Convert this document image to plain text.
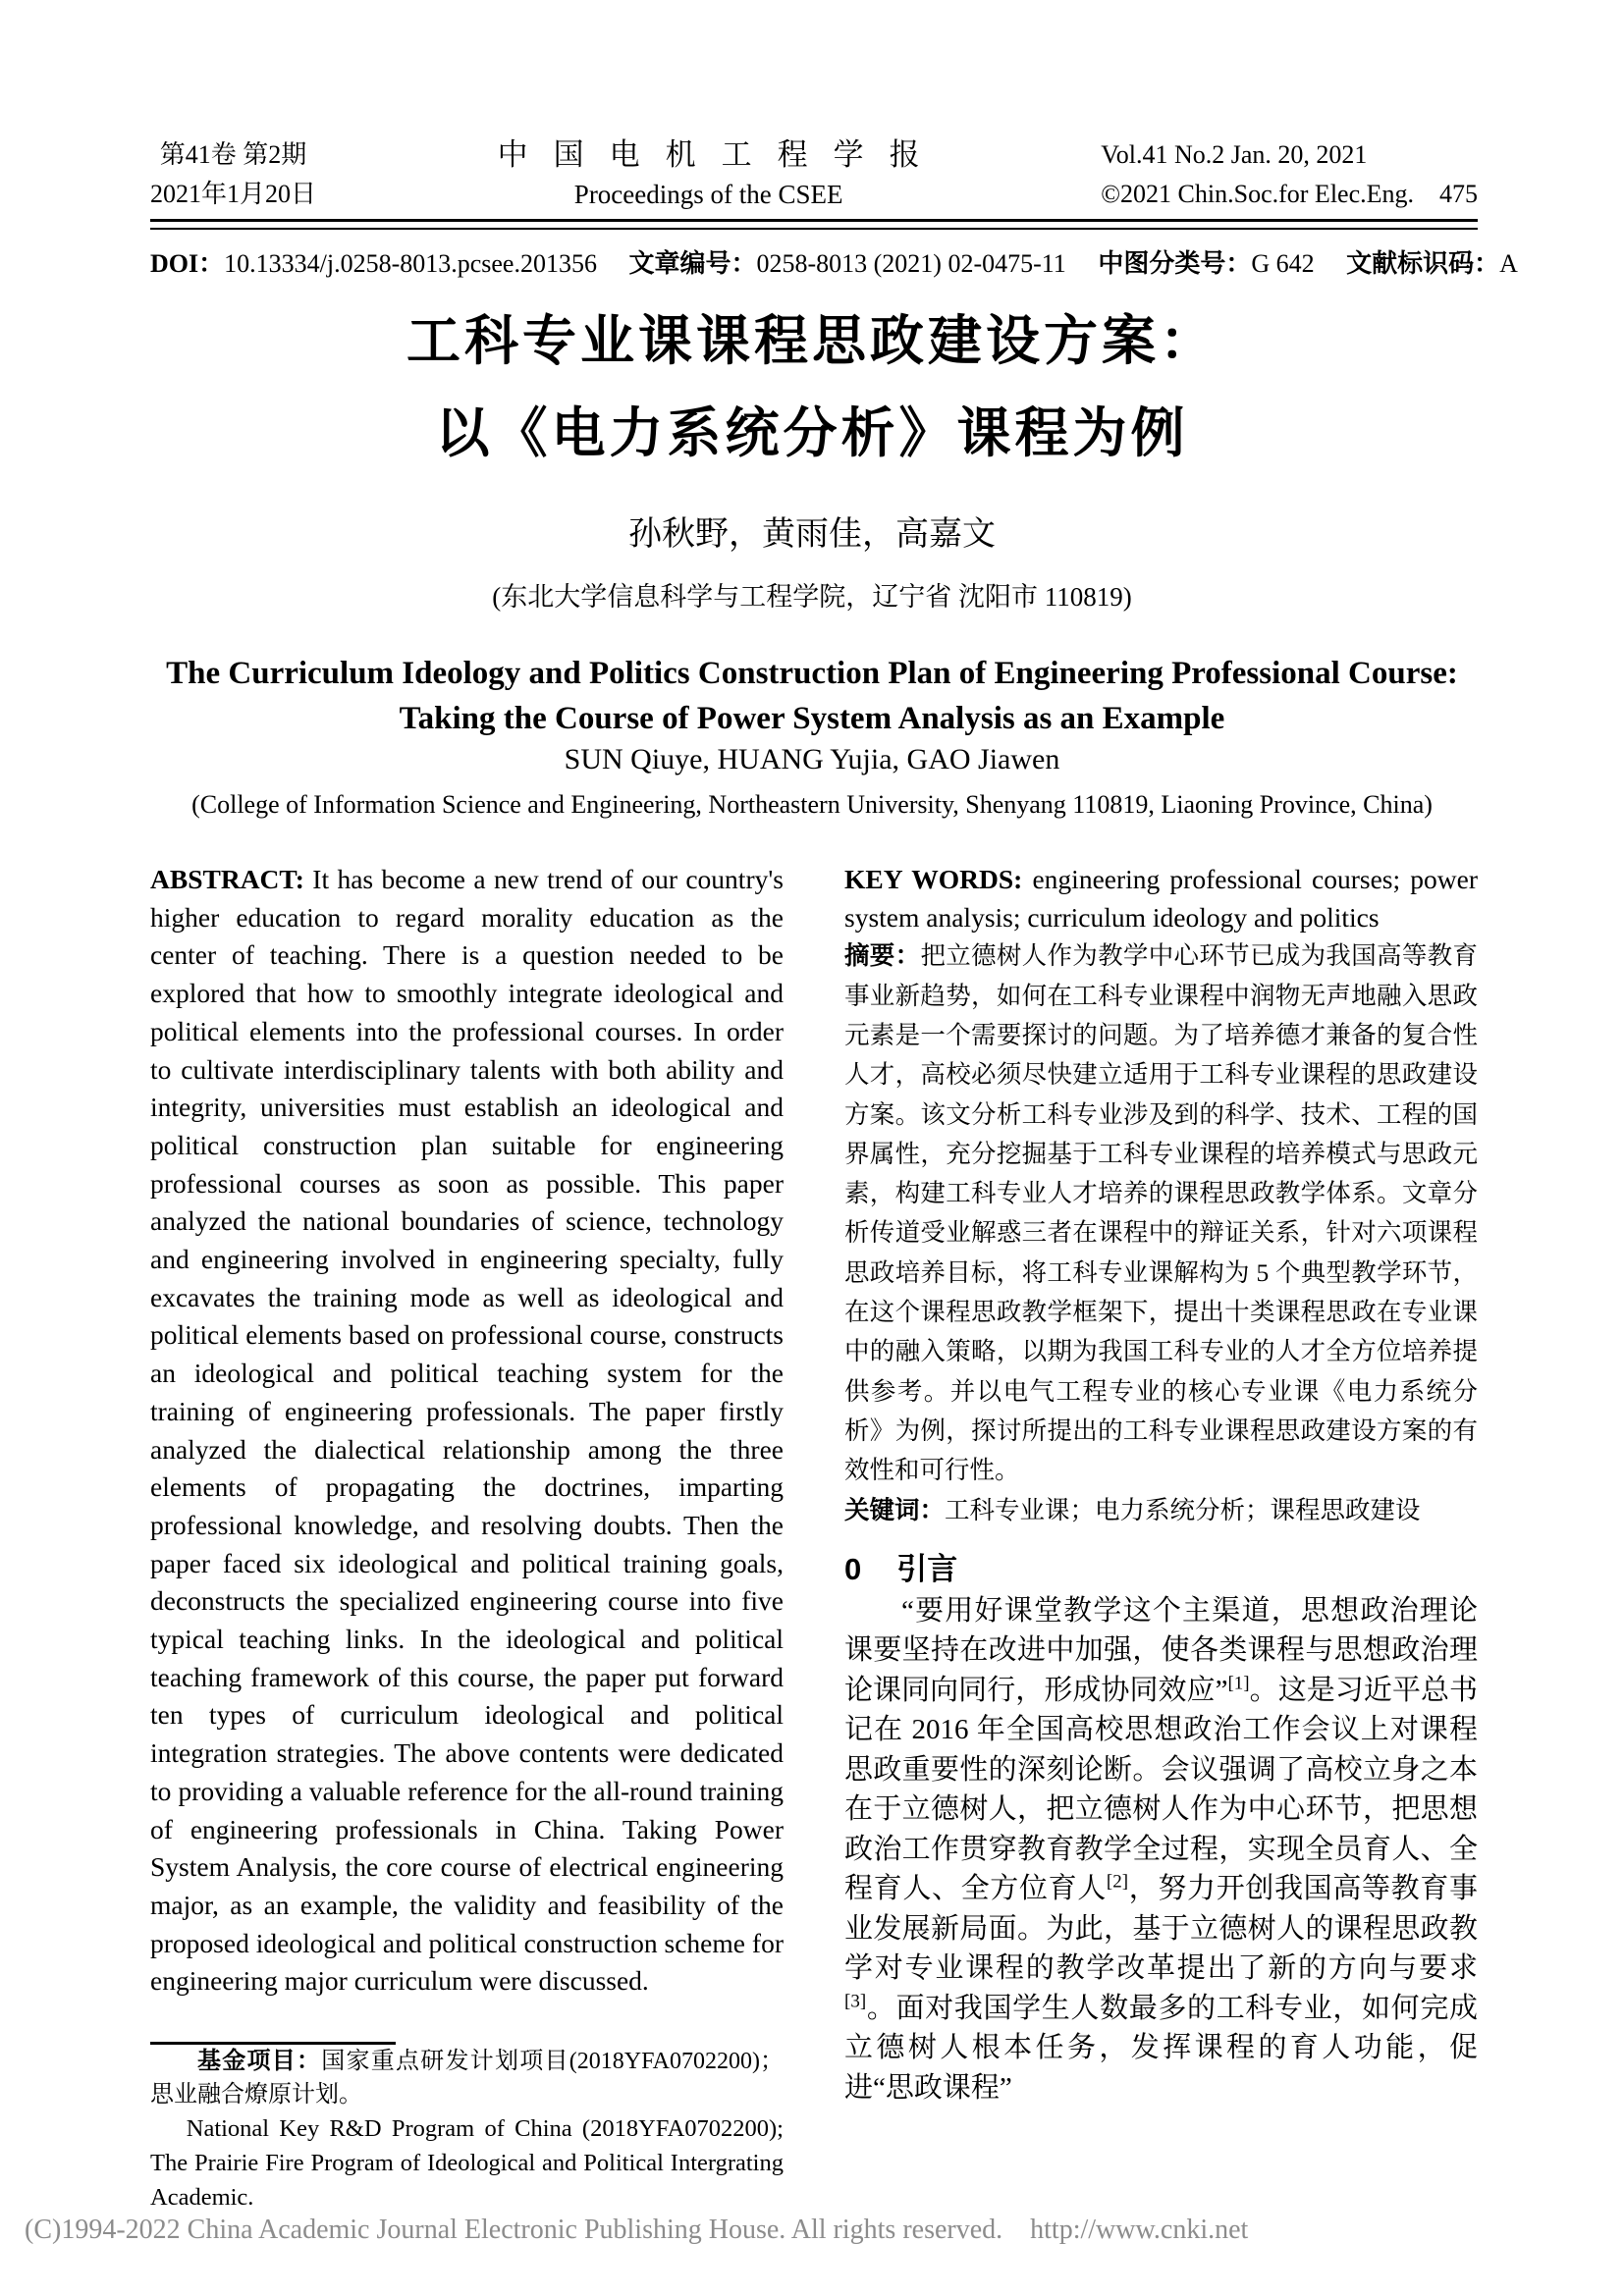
第41卷 第2期
2021年1月20日
中国电机工程学报
Proceedings of the CSEE
Vol.41 No.2 Jan. 20, 2021
©2021 Chin.Soc.for Elec.Eng. 475
DOI：10.13334/j.0258-8013.pcsee.201356 文章编号：0258-8013 (2021) 02-0475-11 中图分类号：G 642 文献标识码：A
工科专业课课程思政建设方案：
以《电力系统分析》课程为例
孙秋野，黄雨佳，高嘉文
(东北大学信息科学与工程学院，辽宁省 沈阳市 110819)
The Curriculum Ideology and Politics Construction Plan of Engineering Professional Course:
Taking the Course of Power System Analysis as an Example
SUN Qiuye, HUANG Yujia, GAO Jiawen
(College of Information Science and Engineering, Northeastern University, Shenyang 110819, Liaoning Province, China)

ABSTRACT: It has become a new trend of our country's higher education to regard morality education as the center of teaching. There is a question needed to be explored that how to smoothly integrate ideological and political elements into the professional courses. In order to cultivate interdisciplinary talents with both ability and integrity, universities must establish an ideological and political construction plan suitable for engineering professional courses as soon as possible. This paper analyzed the national boundaries of science, technology and engineering involved in engineering specialty, fully excavates the training mode as well as ideological and political elements based on professional course, constructs an ideological and political teaching system for the training of engineering professionals. The paper firstly analyzed the dialectical relationship among the three elements of propagating the doctrines, imparting professional knowledge, and resolving doubts. Then the paper faced six ideological and political training goals, deconstructs the specialized engineering course into five typical teaching links. In the ideological and political teaching framework of this course, the paper put forward ten types of curriculum ideological and political integration strategies. The above contents were dedicated to providing a valuable reference for the all-round training of engineering professionals in China. Taking Power System Analysis, the core course of electrical engineering major, as an example, the validity and feasibility of the proposed ideological and political construction scheme for engineering major curriculum were discussed.

基金项目：国家重点研发计划项目(2018YFA0702200)；思业融合燎原计划。

National Key R&D Program of China (2018YFA0702200); The Prairie Fire Program of Ideological and Political Intergrating Academic.

KEY WORDS: engineering professional courses; power system analysis; curriculum ideology and politics

摘要：把立德树人作为教学中心环节已成为我国高等教育事业新趋势，如何在工科专业课程中润物无声地融入思政元素是一个需要探讨的问题。为了培养德才兼备的复合性人才，高校必须尽快建立适用于工科专业课程的思政建设方案。该文分析工科专业涉及到的科学、技术、工程的国界属性，充分挖掘基于工科专业课程的培养模式与思政元素，构建工科专业人才培养的课程思政教学体系。文章分析传道受业解惑三者在课程中的辩证关系，针对六项课程思政培养目标，将工科专业课解构为 5 个典型教学环节，在这个课程思政教学框架下，提出十类课程思政在专业课中的融入策略，以期为我国工科专业的人才全方位培养提供参考。并以电气工程专业的核心专业课《电力系统分析》为例，探讨所提出的工科专业课程思政建设方案的有效性和可行性。

关键词：工科专业课；电力系统分析；课程思政建设

0 引言

“要用好课堂教学这个主渠道，思想政治理论课要坚持在改进中加强，使各类课程与思想政治理论课同向同行，形成协同效应”[1]。这是习近平总书记在 2016 年全国高校思想政治工作会议上对课程思政重要性的深刻论断。会议强调了高校立身之本在于立德树人，把立德树人作为中心环节，把思想政治工作贯穿教育教学全过程，实现全员育人、全程育人、全方位育人[2]，努力开创我国高等教育事业发展新局面。为此，基于立德树人的课程思政教学对专业课程的教学改革提出了新的方向与要求[3]。面对我国学生人数最多的工科专业，如何完成立德树人根本任务，发挥课程的育人功能，促进“思政课程”

(C)1994-2022 China Academic Journal Electronic Publishing House. All rights reserved.    http://www.cnki.net
